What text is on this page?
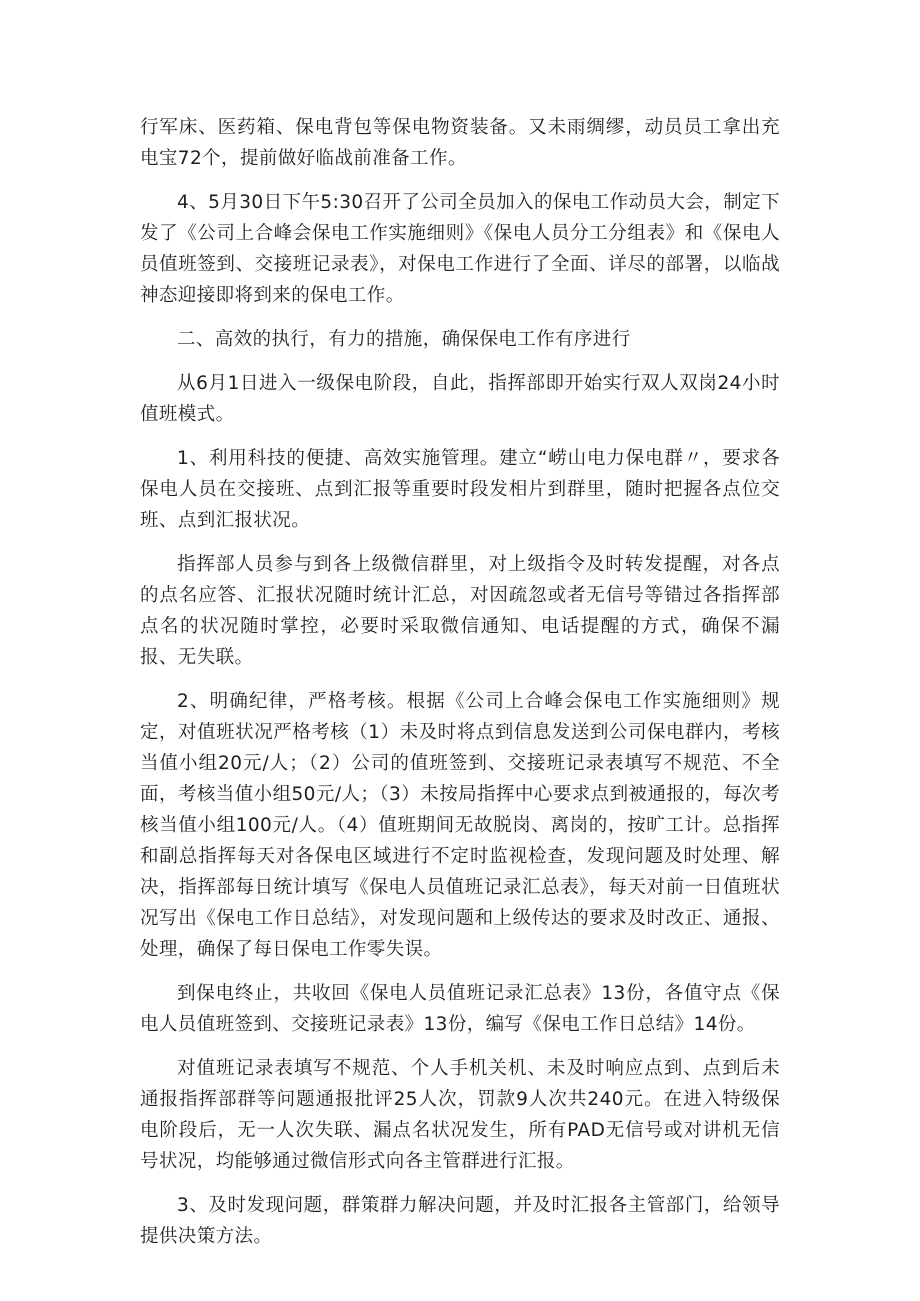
行军床、医药箱、保电背包等保电物资装备。又未雨绸缪，动员员工拿出充电宝72个，提前做好临战前准备工作。

4、5月30日下午5:30召开了公司全员加入的保电工作动员大会，制定下发了《公司上合峰会保电工作实施细则》《保电人员分工分组表》和《保电人员值班签到、交接班记录表》，对保电工作进行了全面、详尽的部署，以临战神态迎接即将到来的保电工作。

二、高效的执行，有力的措施，确保保电工作有序进行

从6月1日进入一级保电阶段，自此，指挥部即开始实行双人双岗24小时值班模式。

1、利用科技的便捷、高效实施管理。建立“崂山电力保电群〃，要求各保电人员在交接班、点到汇报等重要时段发相片到群里，随时把握各点位交班、点到汇报状况。

指挥部人员参与到各上级微信群里，对上级指令及时转发提醒，对各点的点名应答、汇报状况随时统计汇总，对因疏忽或者无信号等错过各指挥部点名的状况随时掌控，必要时采取微信通知、电话提醒的方式，确保不漏报、无失联。

2、明确纪律，严格考核。根据《公司上合峰会保电工作实施细则》规定，对值班状况严格考核（1）未及时将点到信息发送到公司保电群内，考核当值小组20元/人；（2）公司的值班签到、交接班记录表填写不规范、不全面，考核当值小组50元/人；（3）未按局指挥中心要求点到被通报的，每次考核当值小组100元/人。（4）值班期间无故脱岗、离岗的，按旷工计。总指挥和副总指挥每天对各保电区域进行不定时监视检查，发现问题及时处理、解决，指挥部每日统计填写《保电人员值班记录汇总表》，每天对前一日值班状况写出《保电工作日总结》，对发现问题和上级传达的要求及时改正、通报、处理，确保了每日保电工作零失误。

到保电终止，共收回《保电人员值班记录汇总表》13份，各值守点《保电人员值班签到、交接班记录表》13份，编写《保电工作日总结》14份。

对值班记录表填写不规范、个人手机关机、未及时响应点到、点到后未通报指挥部群等问题通报批评25人次，罚款9人次共240元。在进入特级保电阶段后，无一人次失联、漏点名状况发生，所有PAD无信号或对讲机无信号状况，均能够通过微信形式向各主管群进行汇报。

3、及时发现问题，群策群力解决问题，并及时汇报各主管部门，给领导提供决策方法。
